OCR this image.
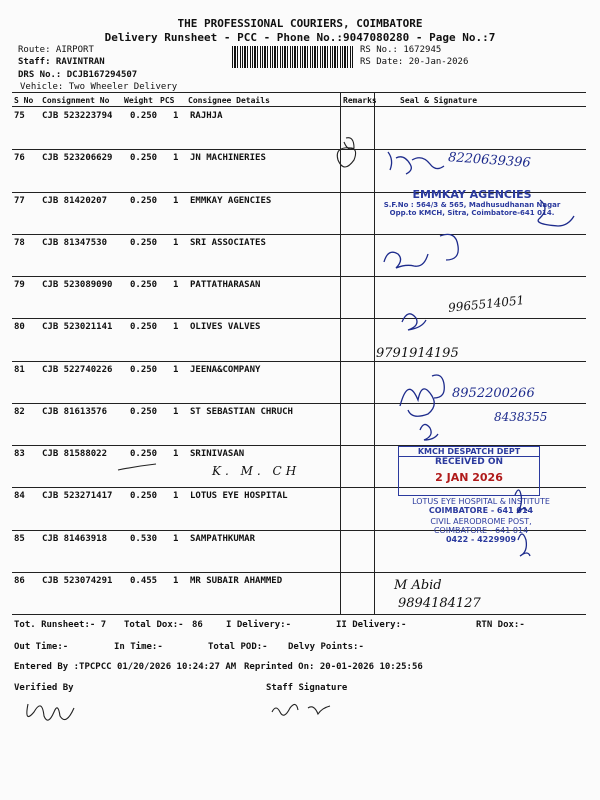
THE PROFESSIONAL COURIERS, COIMBATORE
Delivery Runsheet - PCC - Phone No.:9047080280 - Page No.:7
Route: AIRPORT
Staff: RAVINTRAN
DRS No.: DCJB167294507
Vehicle: Two Wheeler Delivery
RS No.: 1672945
RS Date: 20-Jan-2026
S No Consignment No Weight PCS Consignee Details	Remarks	Seal & Signature
75 CJB 523223794 0.250 1 RAJHJA
76 CJB 523206629 0.250 1 JN MACHINERIES
77 CJB 81420207	0.250 1 EMMKAY AGENCIES
78 CJB 81347530	0.250 1 SRI ASSOCIATES
79 CJB 523089090 0.250 1 PATTATHARASAN
80 CJB 523021141 0.250 1 OLIVES VALVES
81 CJB 522740226 0.250 1 JEENA&COMPANY
82 CJB 81613576	0.250 1 ST SEBASTIAN CHRUCH
83 CJB 81588022	0.250 1 SRINIVASAN
84 CJB 523271417 0.250 1 LOTUS EYE HOSPITAL
85 CJB 81463918	0.530 1 SAMPATHKUMAR
86 CJB 523074291 0.455 1 MR SUBAIR AHAMMED
EMMKAY AGENCIES
S.F.No : 564/3 & 565, Madhusudhanan Nagar
Opp.to KMCH, Sitra, Coimbatore-641 014.
KMCH DESPATCH DEPT
RECEIVED ON
2 JAN 2026
LOTUS EYE HOSPITAL & INSTITUTE
COIMBATORE - 641 014
CIVIL AERODROME POST,
COIMBATORE - 641 014
0422 - 4229909
8220639396
9965514051
9791914195
8952200266
8438355
K. M. CH
M Abid
9894184127
Tot. Runsheet:- 7 Total Dox:- 86	I Delivery:-	II Delivery:-	RTN Dox:-
Out Time:-	In Time:-	Total POD:- Delvy Points:-
Entered By :TPCPCC 01/20/2026 10:24:27 AM Reprinted On: 20-01-2026 10:25:56
Verified By	Staff Signature
